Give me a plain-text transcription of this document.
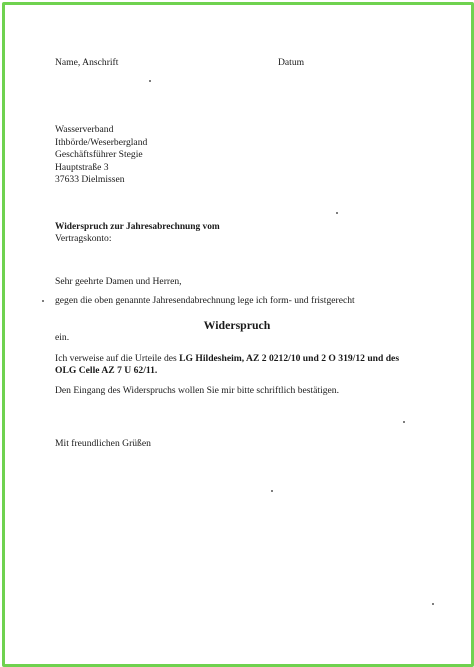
Name, Anschrift	Datum
Wasserverband
Ithbörde/Weserbergland
Geschäftsführer Stegie
Hauptstraße 3
37633 Dielmissen
Widerspruch zur Jahresabrechnung vom
Vertragskonto:
Sehr geehrte Damen und Herren,
gegen die oben genannte Jahresendabrechnung lege ich form- und fristgerecht
Widerspruch
ein.
Ich verweise auf die Urteile des LG Hildesheim, AZ 2 0212/10 und 2 O 319/12 und des
OLG Celle AZ 7 U 62/11.
Den Eingang des Widerspruchs wollen Sie mir bitte schriftlich bestätigen.
Mit freundlichen Grüßen
